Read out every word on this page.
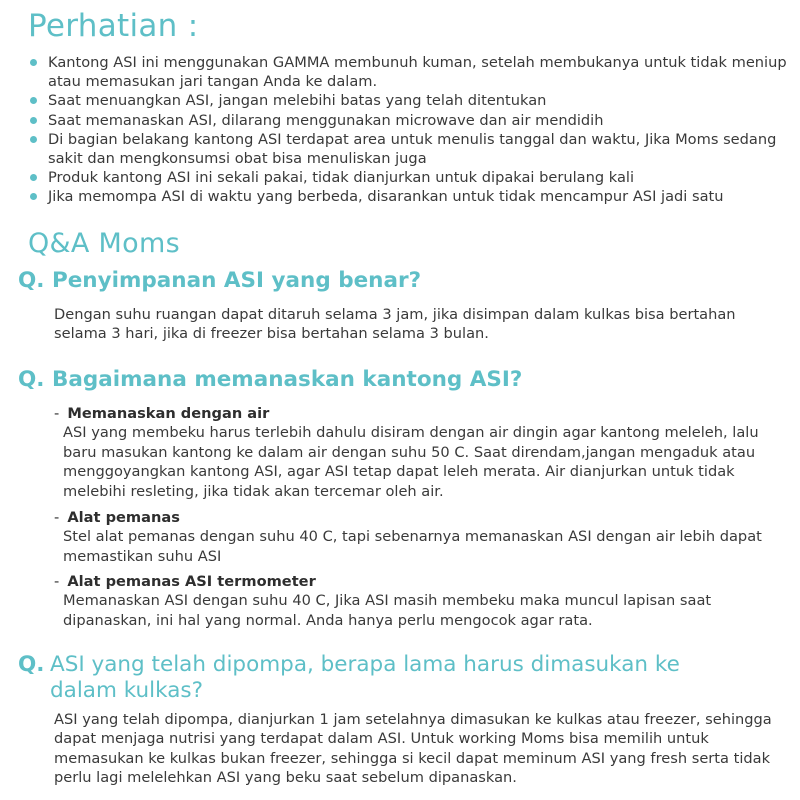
Perhatian :
Kantong ASI ini menggunakan GAMMA membunuh kuman, setelah membukanya untuk tidak meniup atau memasukan jari tangan Anda ke dalam.
Saat menuangkan ASI, jangan melebihi batas yang telah ditentukan
Saat memanaskan ASI, dilarang menggunakan microwave dan air mendidih
Di bagian belakang kantong ASI terdapat area untuk menulis tanggal dan waktu, Jika Moms sedang sakit dan mengkonsumsi obat bisa menuliskan juga
Produk kantong ASI ini sekali pakai, tidak dianjurkan untuk dipakai berulang kali
Jika memompa ASI di waktu yang berbeda, disarankan untuk tidak mencampur ASI jadi satu
Q&A Moms
Q. Penyimpanan ASI yang benar?

Dengan suhu ruangan dapat ditaruh selama 3 jam, jika disimpan dalam kulkas bisa bertahan selama 3 hari, jika di freezer bisa bertahan selama 3 bulan.

Q. Bagaimana memanaskan kantong ASI?
- Memanaskan dengan air
ASI yang membeku harus terlebih dahulu disiram dengan air dingin agar kantong meleleh, lalu baru masukan kantong ke dalam air dengan suhu 50 C. Saat direndam,jangan mengaduk atau menggoyangkan kantong ASI, agar ASI tetap dapat leleh merata. Air dianjurkan untuk tidak melebihi resleting, jika tidak akan tercemar oleh air.
- Alat pemanas
Stel alat pemanas dengan suhu 40 C, tapi sebenarnya memanaskan ASI dengan air lebih dapat memastikan suhu ASI
- Alat pemanas ASI termometer
Memanaskan ASI dengan suhu 40 C, Jika ASI masih membeku maka muncul lapisan saat dipanaskan, ini hal yang normal. Anda hanya perlu mengocok agar rata.
Q. ASI yang telah dipompa, berapa lama harus dimasukan ke dalam kulkas?

ASI yang telah dipompa, dianjurkan 1 jam setelahnya dimasukan ke kulkas atau freezer, sehingga dapat menjaga nutrisi yang terdapat dalam ASI. Untuk working Moms bisa memilih untuk memasukan ke kulkas bukan freezer, sehingga si kecil dapat meminum ASI yang fresh serta tidak perlu lagi melelehkan ASI yang beku saat sebelum dipanaskan.
